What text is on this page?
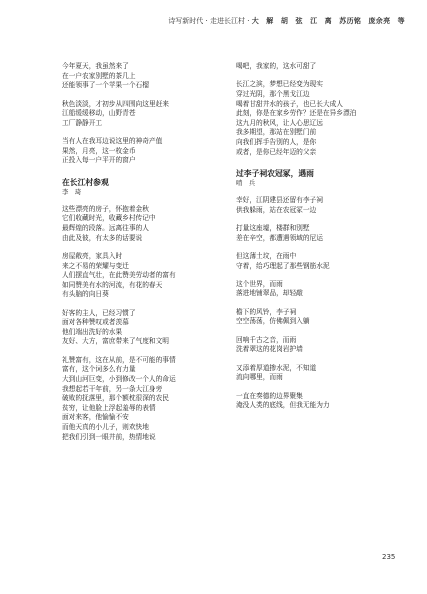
诗写新时代 · 走进长江村 · 大　解　胡　弦　江　离　苏历铭　庞余亮　等
今年夏天，我虽然来了
在一户农家别墅的茶几上
还能领事了一个苹果一个石榴
秋色淡淡，才初步从四围向这里赶来
江船缓缓移动，山野青苍
工厂静静开工
当有人在我耳边说这里的神奇产值
果然，月亮，这一枚金币
正投入每一户平开的窗户
在长江村参观
李　琦
这些漂亮的房子，怀抱着金秋
它们收藏时光，收藏乡村传记中
最辉煌的段落。远离往事的人
由此及彼，有太多的话要说
房屋敞亮，家具入时
来之不易的荣耀与变迁
人们摆直气壮，在此赞美劳动者的富有
如同赞美有水的河流，有花的春天
有头脑的向日葵
好客的主人，已经习惯了
面对各种赞叹或者羡慕
他们端出洗好的水果
友好、大方，富庶带来了气度和文明
礼赞富有，这在从前，是不可能的事情
富有，这个词多么有力量
大到山河巨变，小到修改一个人的命运
我想起若干年前，另一条大江身旁
破败的抚落里，那个额枕很深的农民
贫穷，让他脸上浮起羞辱的表情
面对来客，他愉愉不安
而他天真的小儿子，则欢快地
把我们引到一眼井前，热情地说
喝吧，我家的，这水可甜了
长江之滨，梦想已经变为现实
穿过光阴，那个黑戈江边
喝着甘甜井水的孩子，也已长大成人
此刻，你是在家乡劳作？还是在异乡漂泊
这九月的秋风，让人心思辽远
我多期望，那站在别墅门前
向我们挥手告别的人，是你
或者，是你已经年迈的父亲
过李子祠农冠冢，遇雨
啃　兵
幸好，江阴建县还留有李子祠
供我躲雨，站在农冠冢一边
打量这座墟，楼群和别墅
差在辛空，都遭遇领域的尼运
但这薄土坟，在雨中
守着，给巧理起了那些钢筋水泥
这个世界，而雨
落进地铺翠品，却轻敲
檐下的风铃，李子祠
空空荡荡，仿佛佩到入躺
回响千古之音，而雨
洗着翠这的花岗岩护墙
又添着厚道掺水泥，不知道
流向哪里，而雨
一直在奏德的边界聚集
淹没人类的底线，但我无能为力
235
